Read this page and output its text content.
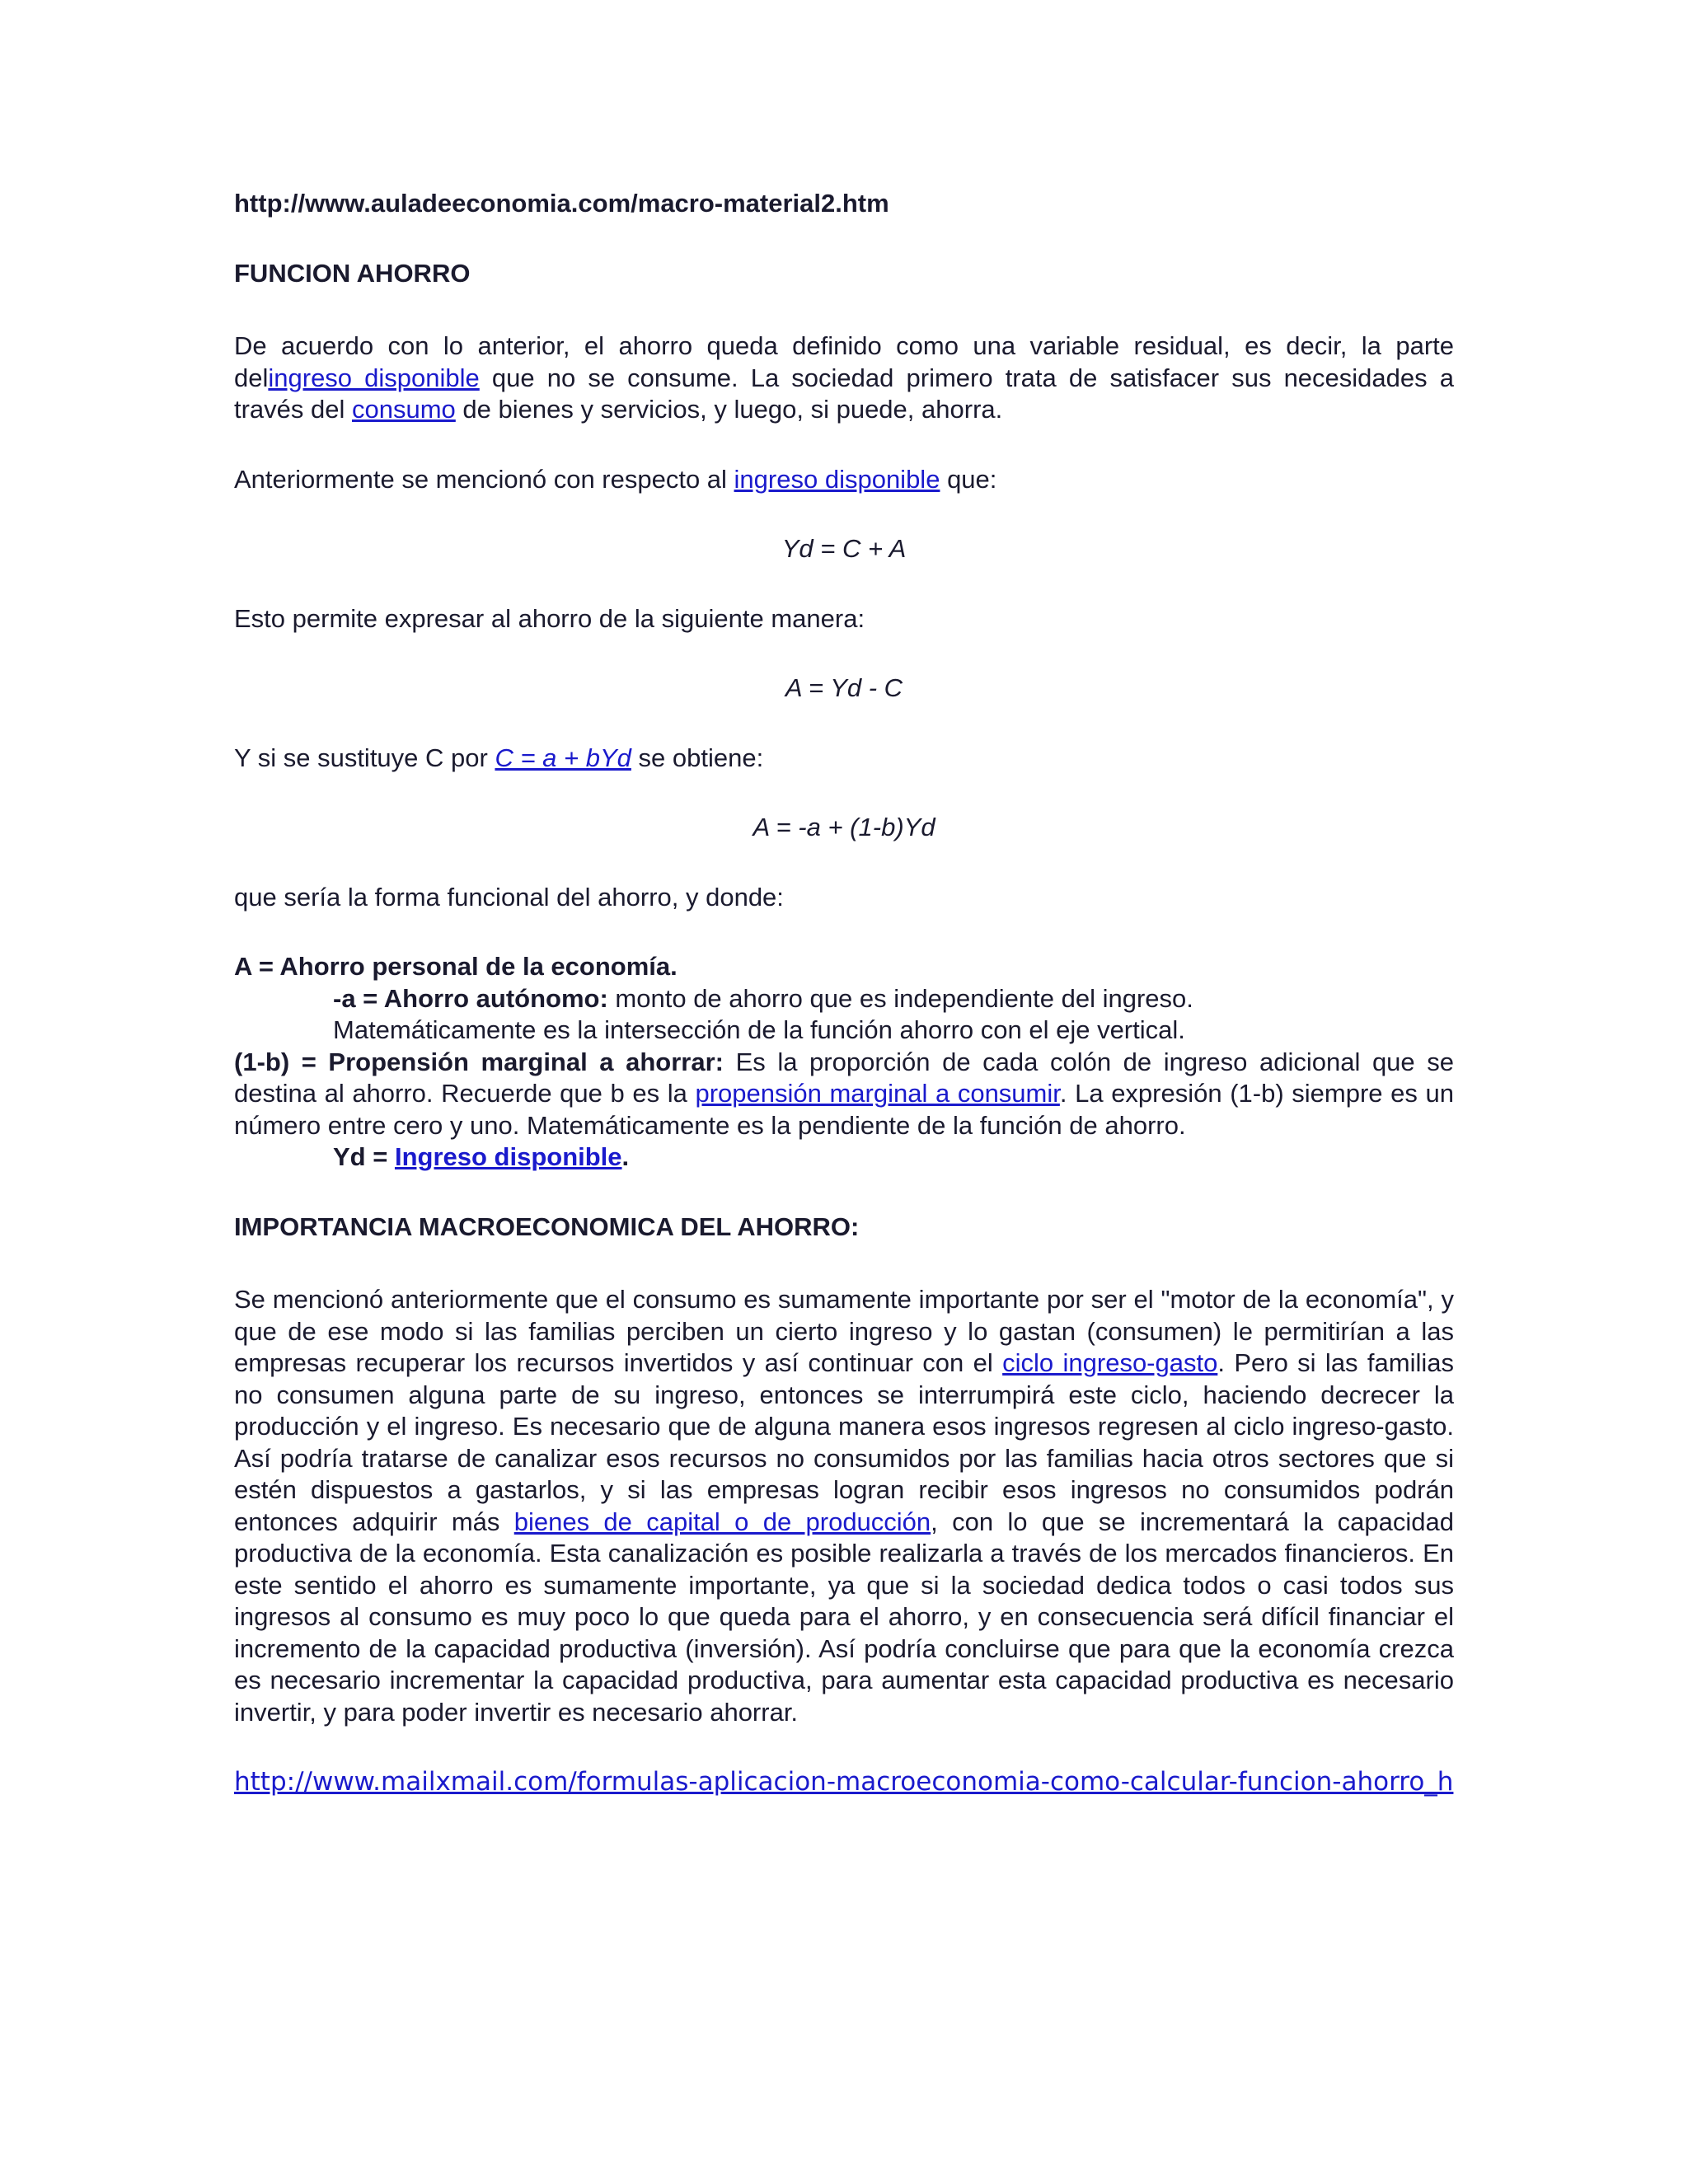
http://www.auladeeconomia.com/macro-material2.htm

FUNCION AHORRO

De acuerdo con lo anterior, el ahorro queda definido como una variable residual, es decir, la parte delingreso disponible que no se consume. La sociedad primero trata de satisfacer sus necesidades a través del consumo de bienes y servicios, y luego, si puede, ahorra.

Anteriormente se mencionó con respecto al ingreso disponible que:

Yd = C + A

Esto permite expresar al ahorro de la siguiente manera:

A = Yd - C

Y si se sustituye C por C = a + bYd se obtiene:

A = -a + (1-b)Yd

que sería la forma funcional del ahorro, y donde:

A = Ahorro personal de la economía.

-a = Ahorro autónomo: monto de ahorro que es independiente del ingreso.

Matemáticamente es la intersección de la función ahorro con el eje vertical.

(1-b) = Propensión marginal a ahorrar: Es la proporción de cada colón de ingreso adicional que se destina al ahorro. Recuerde que b es la propensión marginal a consumir. La expresión (1-b) siempre es un número entre cero y uno. Matemáticamente es la pendiente de la función de ahorro.

Yd = Ingreso disponible.

IMPORTANCIA MACROECONOMICA DEL AHORRO:

Se mencionó anteriormente que el consumo es sumamente importante por ser el "motor de la economía", y que de ese modo si las familias perciben un cierto ingreso y lo gastan (consumen) le permitirían a las empresas recuperar los recursos invertidos y así continuar con el ciclo ingreso-gasto. Pero si las familias no consumen alguna parte de su ingreso, entonces se interrumpirá este ciclo, haciendo decrecer la producción y el ingreso. Es necesario que de alguna manera esos ingresos regresen al ciclo ingreso-gasto. Así podría tratarse de canalizar esos recursos no consumidos por las familias hacia otros sectores que si estén dispuestos a gastarlos, y si las empresas logran recibir esos ingresos no consumidos podrán entonces adquirir más bienes de capital o de producción, con lo que se incrementará la capacidad productiva de la economía. Esta canalización es posible realizarla a través de los mercados financieros. En este sentido el ahorro es sumamente importante, ya que si la sociedad dedica todos o casi todos sus ingresos al consumo es muy poco lo que queda para el ahorro, y en consecuencia será difícil financiar el incremento de la capacidad productiva (inversión). Así podría concluirse que para que la economía crezca es necesario incrementar la capacidad productiva, para aumentar esta capacidad productiva es necesario invertir, y para poder invertir es necesario ahorrar.

http://www.mailxmail.com/formulas-aplicacion-macroeconomia-como-calcular-funcion-ahorro_h
